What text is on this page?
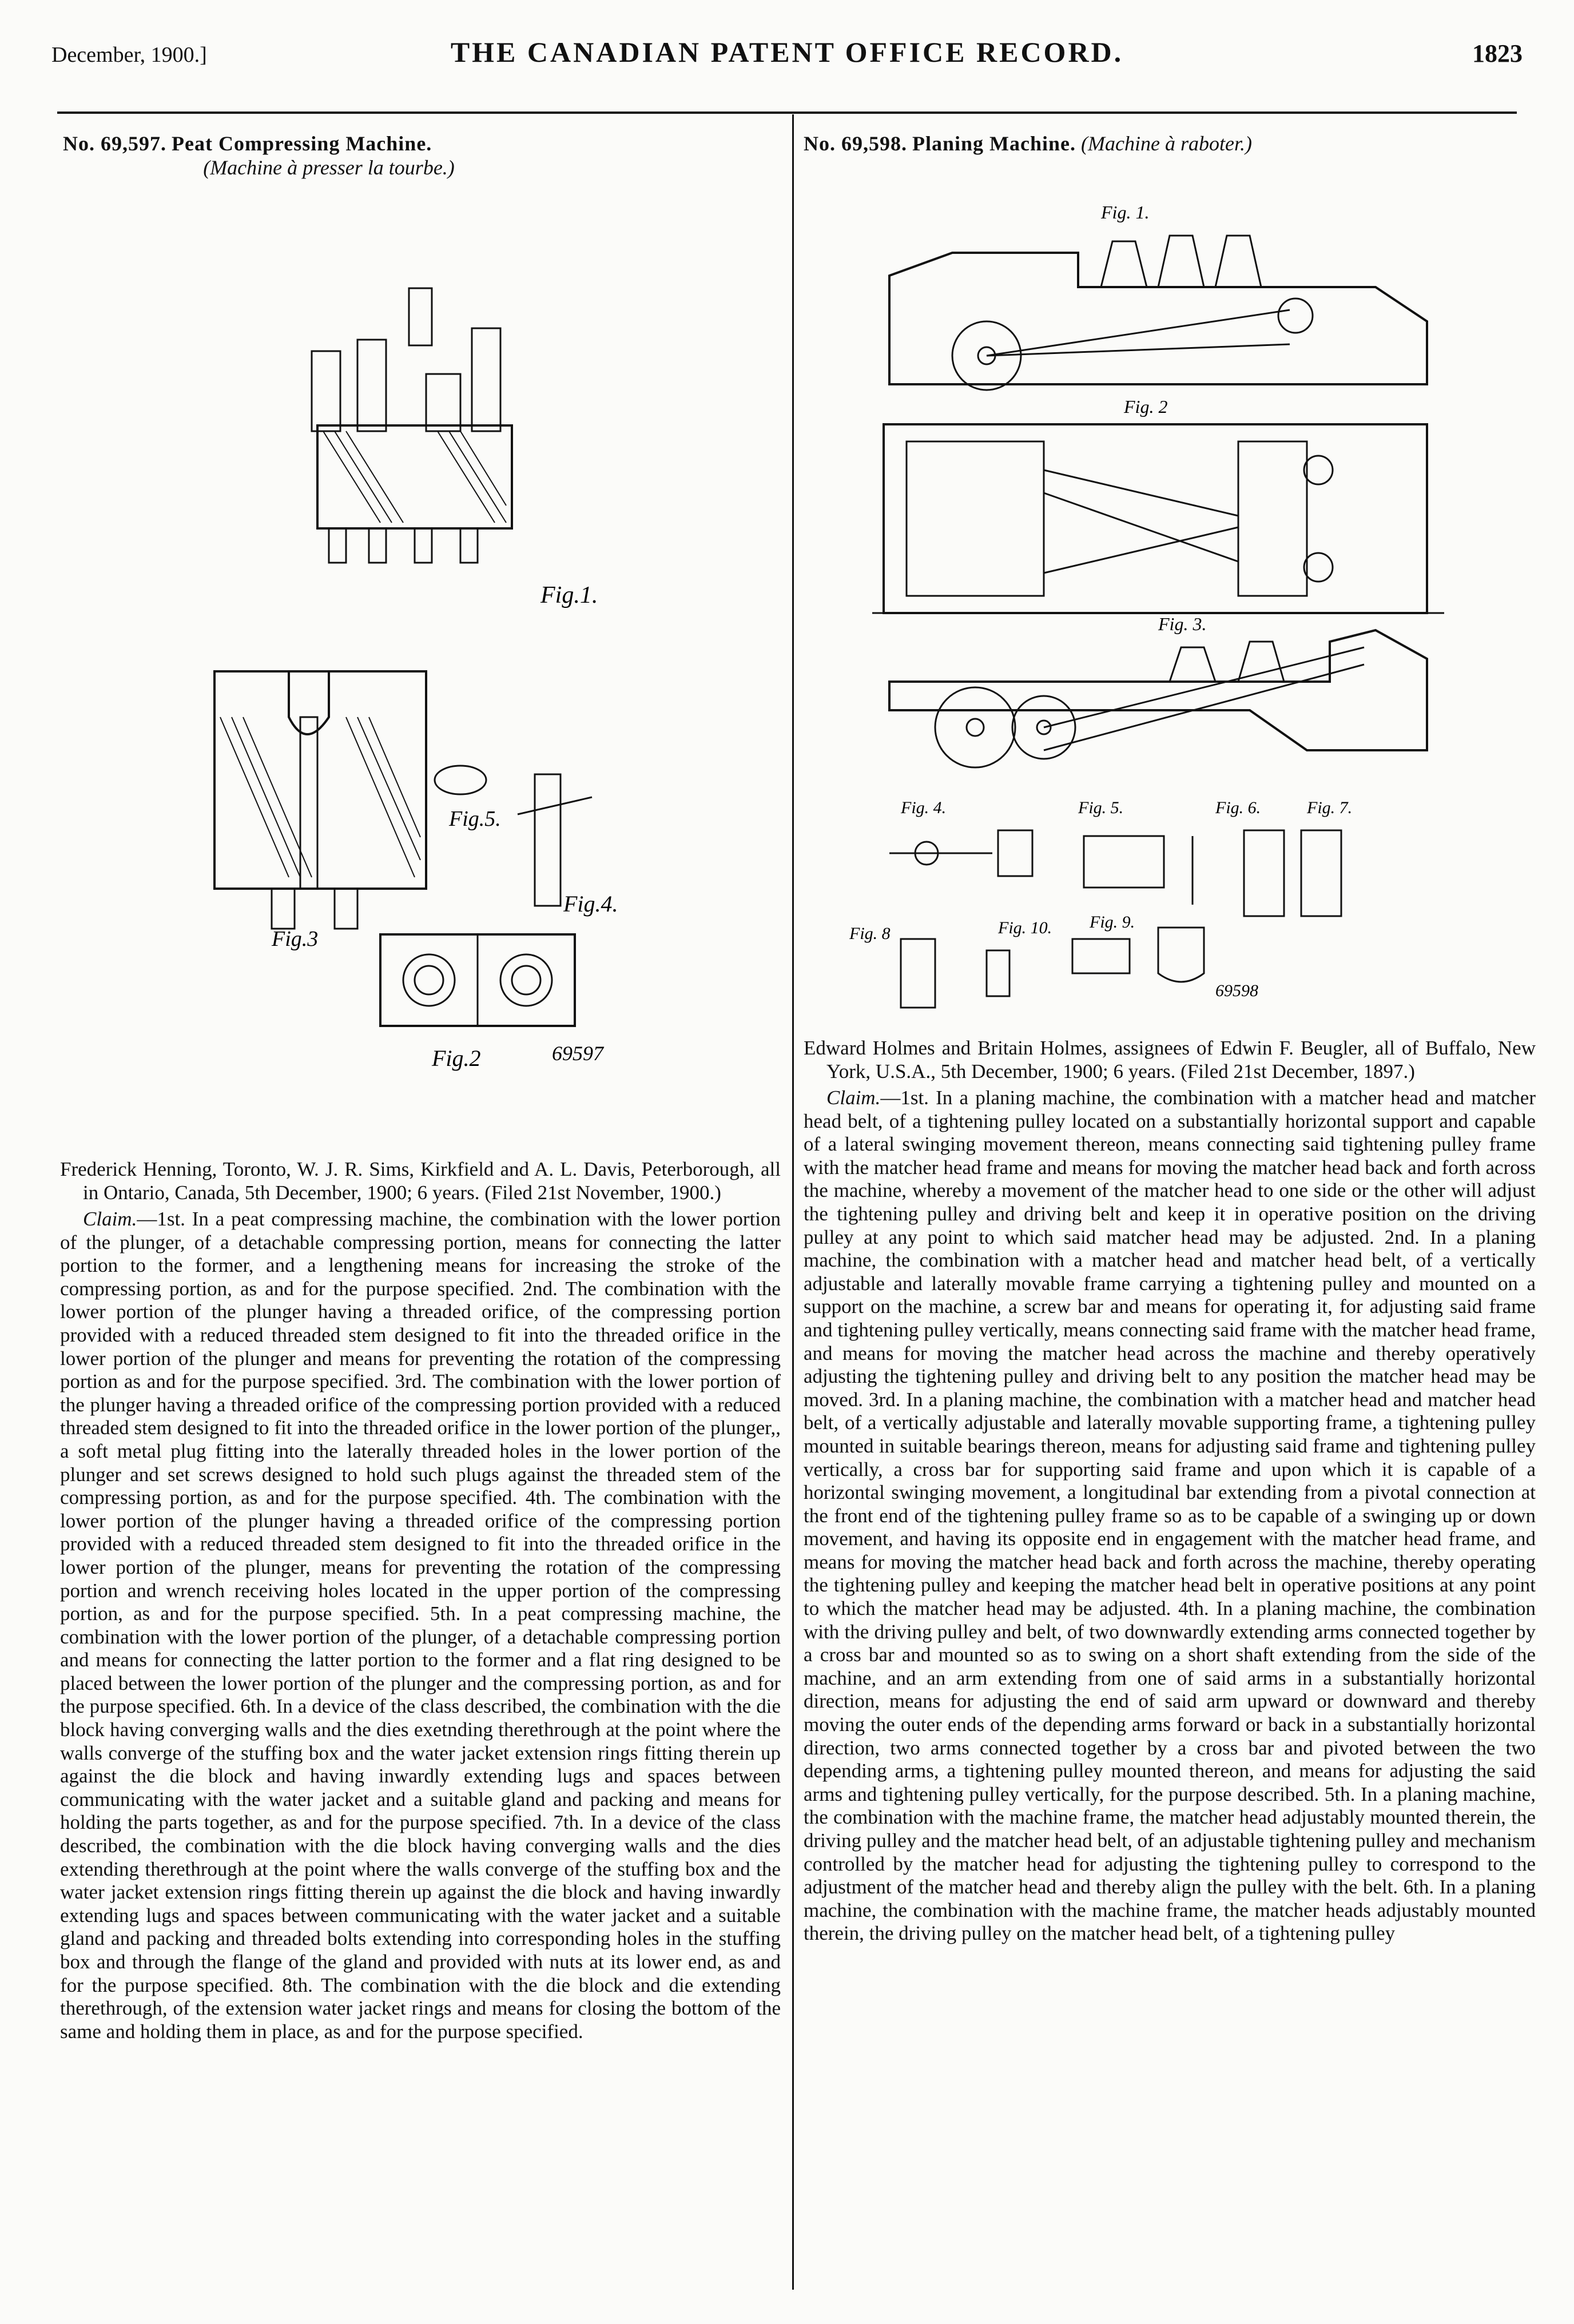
December, 1900.]	THE CANADIAN PATENT OFFICE RECORD.	1823
No. 69,597. Peat Compressing Machine.
(Machine à presser la tourbe.)
Fig.1.
Fig.5.
Fig.4.
Fig.3
Fig.2	69597
Frederick Henning, Toronto, W. J. R. Sims, Kirkfield and A. L. Davis, Peterborough, all in Ontario, Canada, 5th December, 1900; 6 years. (Filed 21st November, 1900.)
Claim.—1st. In a peat compressing machine, the combination with the lower portion of the plunger, of a detachable compressing portion, means for connecting the latter portion to the former, and a lengthening means for increasing the stroke of the compressing portion, as and for the purpose specified. 2nd. The combination with the lower portion of the plunger having a threaded orifice, of the compressing portion provided with a reduced threaded stem designed to fit into the threaded orifice in the lower portion of the plunger and means for preventing the rotation of the compressing portion as and for the purpose specified. 3rd. The combination with the lower portion of the plunger having a threaded orifice of the compressing portion provided with a reduced threaded stem designed to fit into the threaded orifice in the lower portion of the plunger,, a soft metal plug fitting into the laterally threaded holes in the lower portion of the plunger and set screws designed to hold such plugs against the threaded stem of the compressing portion, as and for the purpose specified. 4th. The combination with the lower portion of the plunger having a threaded orifice of the compressing portion provided with a reduced threaded stem designed to fit into the threaded orifice in the lower portion of the plunger, means for preventing the rotation of the compressing portion and wrench receiving holes located in the upper portion of the compressing portion, as and for the purpose specified. 5th. In a peat compressing machine, the combination with the lower portion of the plunger, of a detachable compressing portion and means for connecting the latter portion to the former and a flat ring designed to be placed between the lower portion of the plunger and the compressing portion, as and for the purpose specified. 6th. In a device of the class described, the combination with the die block having converging walls and the dies exetnding therethrough at the point where the walls converge of the stuffing box and the water jacket extension rings fitting therein up against the die block and having inwardly extending lugs and spaces between communicating with the water jacket and a suitable gland and packing and means for holding the parts together, as and for the purpose specified. 7th. In a device of the class described, the combination with the die block having converging walls and the dies extending therethrough at the point where the walls converge of the stuffing box and the water jacket extension rings fitting therein up against the die block and having inwardly extending lugs and spaces between communicating with the water jacket and a suitable gland and packing and threaded bolts extending into corresponding holes in the stuffing box and through the flange of the gland and provided with nuts at its lower end, as and for the purpose specified. 8th. The combination with the die block and die extending therethrough, of the extension water jacket rings and means for closing the bottom of the same and holding them in place, as and for the purpose specified.
No. 69,598. Planing Machine. (Machine à raboter.)
Fig. 1.
Fig. 2
Fig. 3.
Fig. 4.	Fig. 5.	Fig. 6.	Fig. 7.
Fig. 8	Fig. 10. Fig. 9.
69598
Edward Holmes and Britain Holmes, assignees of Edwin F. Beugler, all of Buffalo, New York, U.S.A., 5th December, 1900; 6 years. (Filed 21st December, 1897.)
Claim.—1st. In a planing machine, the combination with a matcher head and matcher head belt, of a tightening pulley located on a substantially horizontal support and capable of a lateral swinging movement thereon, means connecting said tightening pulley frame with the matcher head frame and means for moving the matcher head back and forth across the machine, whereby a movement of the matcher head to one side or the other will adjust the tightening pulley and driving belt and keep it in operative position on the driving pulley at any point to which said matcher head may be adjusted. 2nd. In a planing machine, the combination with a matcher head and matcher head belt, of a vertically adjustable and laterally movable frame carrying a tightening pulley and mounted on a support on the machine, a screw bar and means for operating it, for adjusting said frame and tightening pulley vertically, means connecting said frame with the matcher head frame, and means for moving the matcher head across the machine and thereby operatively adjusting the tightening pulley and driving belt to any position the matcher head may be moved. 3rd. In a planing machine, the combination with a matcher head and matcher head belt, of a vertically adjustable and laterally movable supporting frame, a tightening pulley mounted in suitable bearings thereon, means for adjusting said frame and tightening pulley vertically, a cross bar for supporting said frame and upon which it is capable of a horizontal swinging movement, a longitudinal bar extending from a pivotal connection at the front end of the tightening pulley frame so as to be capable of a swinging up or down movement, and having its opposite end in engagement with the matcher head frame, and means for moving the matcher head back and forth across the machine, thereby operating the tightening pulley and keeping the matcher head belt in operative positions at any point to which the matcher head may be adjusted. 4th. In a planing machine, the combination with the driving pulley and belt, of two downwardly extending arms connected together by a cross bar and mounted so as to swing on a short shaft extending from the side of the machine, and an arm extending from one of said arms in a substantially horizontal direction, means for adjusting the end of said arm upward or downward and thereby moving the outer ends of the depending arms forward or back in a substantially horizontal direction, two arms connected together by a cross bar and pivoted between the two depending arms, a tightening pulley mounted thereon, and means for adjusting the said arms and tightening pulley vertically, for the purpose described. 5th. In a planing machine, the combination with the machine frame, the matcher head adjustably mounted therein, the driving pulley and the matcher head belt, of an adjustable tightening pulley and mechanism controlled by the matcher head for adjusting the tightening pulley to correspond to the adjustment of the matcher head and thereby align the pulley with the belt. 6th. In a planing machine, the combination with the machine frame, the matcher heads adjustably mounted therein, the driving pulley on the matcher head belt, of a tightening pulley
